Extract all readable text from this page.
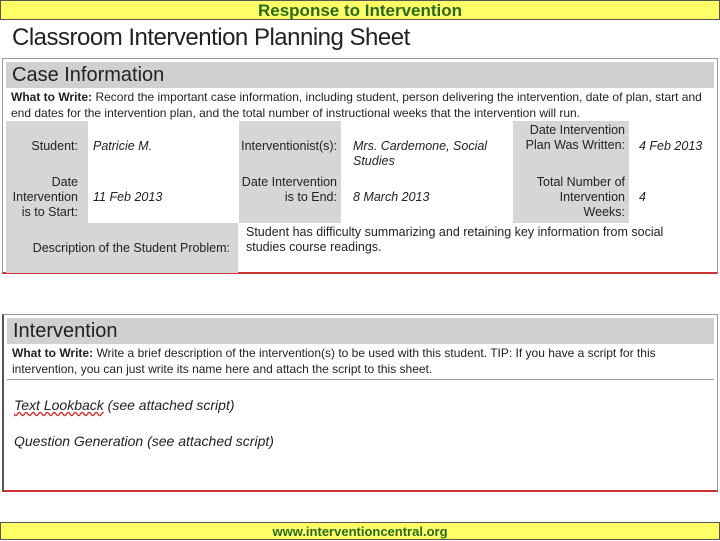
Response to Intervention
Classroom Intervention Planning Sheet
Case Information
What to Write: Record the important case information, including student, person delivering the intervention, date of plan, start and end dates for the intervention plan, and the total number of instructional weeks that the intervention will run.
Student: Patricie M.	Interventionist(s): Mrs. Cardemone, Social Studies
Date Intervention Plan Was Written: 4 Feb 2013
Date Intervention is to Start:
11 Feb 2013
Date Intervention is to End: 8 March 2013
Total Number of Intervention Weeks:
4
Description of the Student Problem:
Student has difficulty summarizing and retaining key information from social studies course readings.
Intervention
What to Write: Write a brief description of the intervention(s) to be used with this student. TIP: If you have a script for this intervention, you can just write its name here and attach the script to this sheet.
Text Lookback (see attached script)
Question Generation (see attached script)
www.interventioncentral.org
